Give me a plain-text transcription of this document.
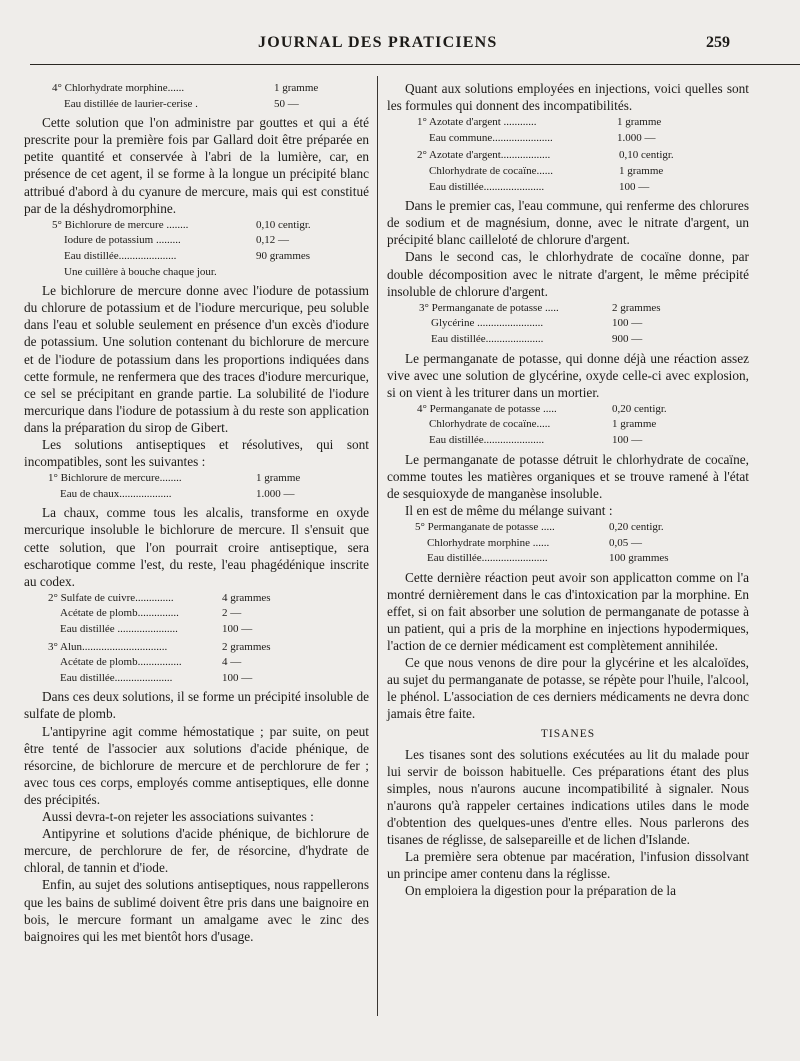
JOURNAL DES PRATICIENS	259
4° Chlorhydrate morphine......	1 gramme
Eau distillée de laurier-cerise .	50 —

Cette solution que l'on administre par gouttes et qui a été prescrite pour la première fois par Gallard doit être préparée en petite quantité et conservée à l'abri de la lumière, car, en présence de cet agent, il se forme à la longue un précipité blanc attribué d'abord à du cyanure de mercure, mais qui est constitué par de la déshydromorphine.

5° Bichlorure de mercure ........	0,10 centigr.
Iodure de potassium .........	0,12 —
Eau distillée.....................	90 grammes
Une cuillère à bouche chaque jour.

Le bichlorure de mercure donne avec l'iodure de potassium du chlorure de potassium et de l'iodure mercurique, peu soluble dans l'eau et soluble seulement en présence d'un excès d'iodure de potassium. Une solution contenant du bichlorure de mercure et de l'iodure de potassium dans les proportions indiquées dans cette formule, ne renfermera que des traces d'iodure mercurique, ce sel se précipitant en grande partie. La solubilité de l'iodure mercurique dans l'iodure de potassium à du reste son application dans la préparation du sirop de Gibert.

Les solutions antiseptiques et résolutives, qui sont incompatibles, sont les suivantes :

1° Bichlorure de mercure........	1 gramme
Eau de chaux...................	1.000 —

La chaux, comme tous les alcalis, transforme en oxyde mercurique insoluble le bichlorure de mercure. Il s'ensuit que cette solution, que l'on pourrait croire antiseptique, sera escharotique comme l'est, du reste, l'eau phagédénique inscrite au codex.

2° Sulfate de cuivre..............	4 grammes
Acétate de plomb...............	2 —
Eau distillée ......................	100 —
3° Alun...............................	2 grammes
Acétate de plomb................	4 —
Eau distillée.....................	100 —

Dans ces deux solutions, il se forme un précipité insoluble de sulfate de plomb.

L'antipyrine agit comme hémostatique ; par suite, on peut être tenté de l'associer aux solutions d'acide phénique, de résorcine, de bichlorure de mercure et de perchlorure de fer ; avec tous ces corps, employés comme antiseptiques, elle donne des précipités.

Aussi devra-t-on rejeter les associations suivantes :

Antipyrine et solutions d'acide phénique, de bichlorure de mercure, de perchlorure de fer, de résorcine, d'hydrate de chloral, de tannin et d'iode.

Enfin, au sujet des solutions antiseptiques, nous rappellerons que les bains de sublimé doivent être pris dans une baignoire en bois, le mercure formant un amalgame avec le zinc des baignoires qui les met bientôt hors d'usage.

Quant aux solutions employées en injections, voici quelles sont les formules qui donnent des incompatibilités.

1° Azotate d'argent ............	1 gramme
Eau commune......................	1.000 —
2° Azotate d'argent..................	0,10 centigr.
Chlorhydrate de cocaïne......	1 gramme
Eau distillée......................	100 —

Dans le premier cas, l'eau commune, qui renferme des chlorures de sodium et de magnésium, donne, avec le nitrate d'argent, un précipité blanc cailleloté de chlorure d'argent.

Dans le second cas, le chlorhydrate de cocaïne donne, par double décomposition avec le nitrate d'argent, le même précipité insoluble de chlorure d'argent.

3° Permanganate de potasse .....	2 grammes
Glycérine ........................	100 —
Eau distillée.....................	900 —

Le permanganate de potasse, qui donne déjà une réaction assez vive avec une solution de glycérine, oxyde celle-ci avec explosion, si on vient à les triturer dans un mortier.

4° Permanganate de potasse .....	0,20 centigr.
Chlorhydrate de cocaïne.....	1 gramme
Eau distillée......................	100 —

Le permanganate de potasse détruit le chlorhydrate de cocaïne, comme toutes les matières organiques et se trouve ramené à l'état de sesquioxyde de manganèse insoluble.

Il en est de même du mélange suivant :

5° Permanganate de potasse .....	0,20 centigr.
Chlorhydrate morphine ......	0,05 —
Eau distillée........................	100 grammes

Cette dernière réaction peut avoir son applicatton comme on l'a montré dernièrement dans le cas d'intoxication par la morphine. En effet, si on fait absorber une solution de permanganate de potasse à un patient, qui a pris de la morphine en injections hypodermiques, l'action de ce dernier médicament est complètement annihilée.

Ce que nous venons de dire pour la glycérine et les alcaloïdes, au sujet du permanganate de potasse, se répète pour l'huile, l'alcool, le phénol. L'association de ces derniers médicaments ne devra donc jamais être faite.

TISANES

Les tisanes sont des solutions exécutées au lit du malade pour lui servir de boisson habituelle. Ces préparations étant des plus simples, nous n'aurons aucune incompatibilité à signaler. Nous n'aurons qu'à rappeler certaines indications utiles dans le mode d'obtention des quelques-unes d'entre elles. Nous parlerons des tisanes de réglisse, de salsepareille et de lichen d'Islande.

La première sera obtenue par macération, l'infusion dissolvant un principe amer contenu dans la réglisse.

On emploiera la digestion pour la préparation de la
